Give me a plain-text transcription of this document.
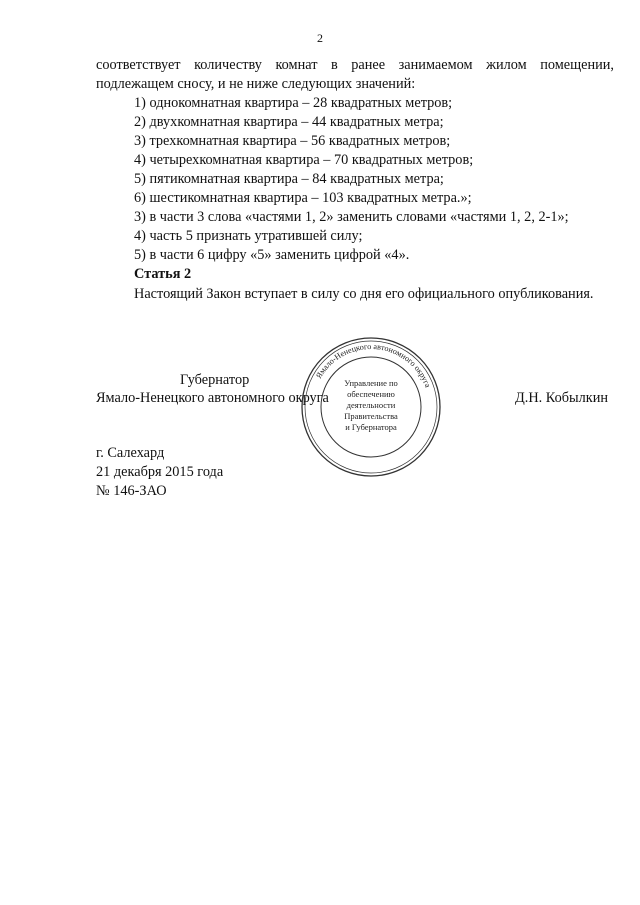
2
соответствует количеству комнат в ранее занимаемом жилом помещении, подлежащем сносу, и не ниже следующих значений:
1) однокомнатная квартира – 28 квадратных метров;
2) двухкомнатная квартира – 44 квадратных метра;
3) трехкомнатная квартира – 56 квадратных метров;
4) четырехкомнатная квартира – 70 квадратных метров;
5) пятикомнатная квартира – 84 квадратных метра;
6) шестикомнатная квартира – 103 квадратных метра.»;
3) в части 3 слова «частями 1, 2» заменить словами «частями 1, 2, 2-1»;
4) часть 5 признать утратившей силу;
5) в части 6 цифру «5» заменить цифрой «4».
Статья 2
Настоящий Закон вступает в силу со дня его официального опубликования.
Губернатор
Ямало-Ненецкого автономного округа	Д.Н. Кобылкин
Ямало-Ненецкого автономного округа
Управление по
обеспечению
деятельности
Правительства
и Губернатора
г. Салехард
21 декабря 2015 года
№ 146-ЗАО
